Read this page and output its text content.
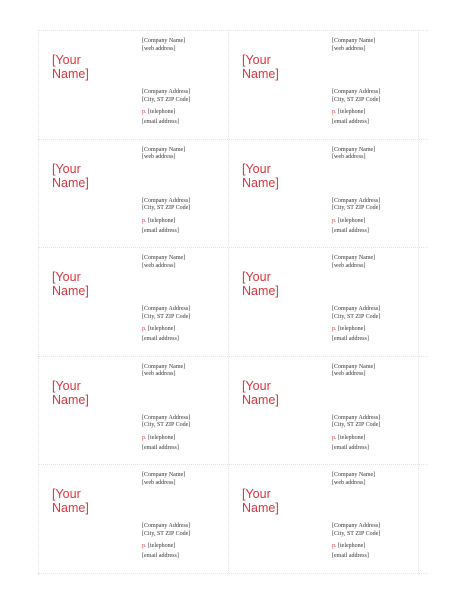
[Your
Name]
[Company Name]
[web address]
[Company Address]
[City, ST ZIP Code]
p. [telephone]
[email address]
[Your
Name]
[Company Name]
[web address]
[Company Address]
[City, ST ZIP Code]
p. [telephone]
[email address]
[Your
Name]
[Company Name]
[web address]
[Company Address]
[City, ST ZIP Code]
p. [telephone]
[email address]
[Your
Name]
[Company Name]
[web address]
[Company Address]
[City, ST ZIP Code]
p. [telephone]
[email address]
[Your
Name]
[Company Name]
[web address]
[Company Address]
[City, ST ZIP Code]
p. [telephone]
[email address]
[Your
Name]
[Company Name]
[web address]
[Company Address]
[City, ST ZIP Code]
p. [telephone]
[email address]
[Your
Name]
[Company Name]
[web address]
[Company Address]
[City, ST ZIP Code]
p. [telephone]
[email address]
[Your
Name]
[Company Name]
[web address]
[Company Address]
[City, ST ZIP Code]
p. [telephone]
[email address]
[Your
Name]
[Company Name]
[web address]
[Company Address]
[City, ST ZIP Code]
p. [telephone]
[email address]
[Your
Name]
[Company Name]
[web address]
[Company Address]
[City, ST ZIP Code]
p. [telephone]
[email address]
